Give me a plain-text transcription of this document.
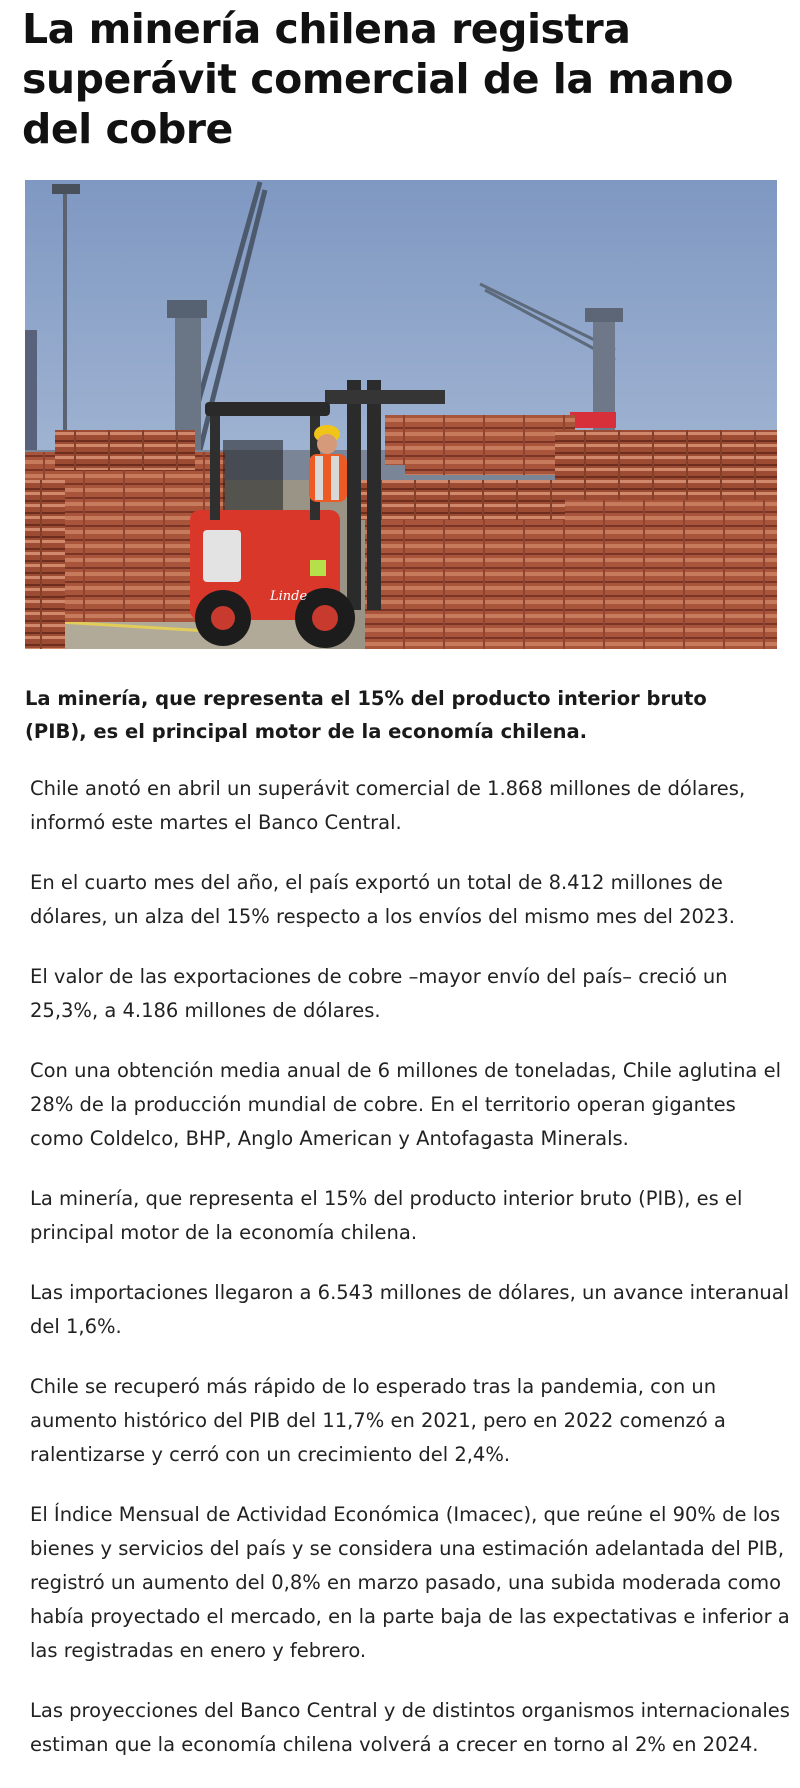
La minería chilena registra superávit comercial de la mano del cobre
Linde

La minería, que representa el 15% del producto interior bruto (PIB), es el principal motor de la economía chilena.

Chile anotó en abril un superávit comercial de 1.868 millones de dólares, informó este martes el Banco Central.

En el cuarto mes del año, el país exportó un total de 8.412 millones de dólares, un alza del 15% respecto a los envíos del mismo mes del 2023.

El valor de las exportaciones de cobre –mayor envío del país– creció un 25,3%, a 4.186 millones de dólares.

Con una obtención media anual de 6 millones de toneladas, Chile aglutina el 28% de la producción mundial de cobre. En el territorio operan gigantes como Coldelco, BHP, Anglo American y Antofagasta Minerals.

La minería, que representa el 15% del producto interior bruto (PIB), es el principal motor de la economía chilena.

Las importaciones llegaron a 6.543 millones de dólares, un avance interanual del 1,6%.

Chile se recuperó más rápido de lo esperado tras la pandemia, con un aumento histórico del PIB del 11,7% en 2021, pero en 2022 comenzó a ralentizarse y cerró con un crecimiento del 2,4%.

El Índice Mensual de Actividad Económica (Imacec), que reúne el 90% de los bienes y servicios del país y se considera una estimación adelantada del PIB, registró un aumento del 0,8% en marzo pasado, una subida moderada como había proyectado el mercado, en la parte baja de las expectativas e inferior a las registradas en enero y febrero.

Las proyecciones del Banco Central y de distintos organismos internacionales estiman que la economía chilena volverá a crecer en torno al 2% en 2024.
